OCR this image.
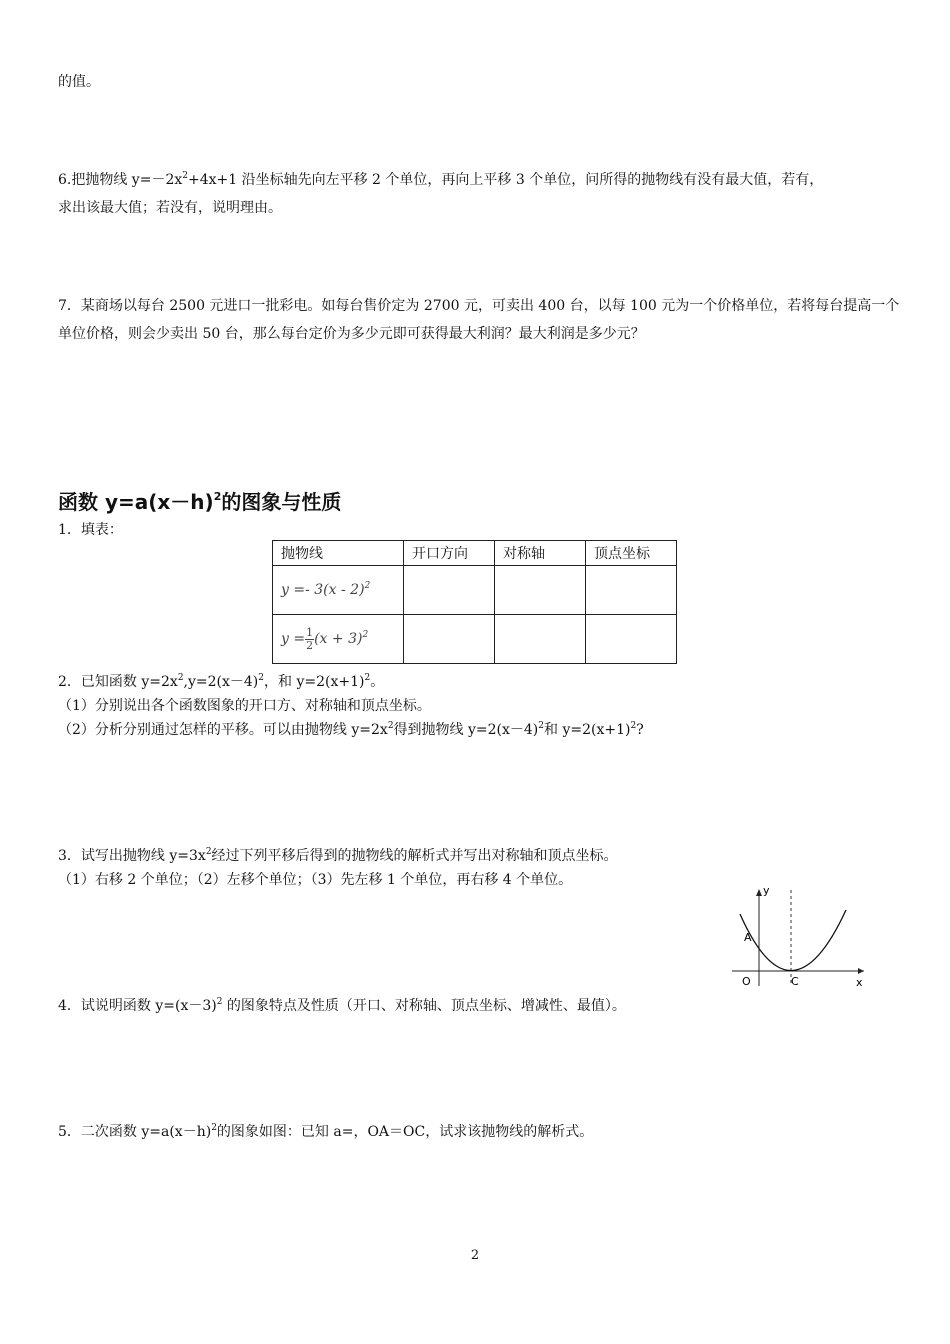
的值。
6.把抛物线 $y=-2x^2+4x+1$ 沿坐标轴先向左平移 2 个单位，再向上平移 3 个单位，问所得的抛物线有没有最大值，若有，
求出该最大值；若没有，说明理由。
7．某商场以每台 2500 元进口一批彩电。如每台售价定为 2700 元，可卖出 400 台，以每 100 元为一个价格单位，若将每台提高一个单位价格，则会少卖出 50 台，那么每台定价为多少元即可获得最大利润？最大利润是多少元？
函数 $y=a(x-h)^2$的图象与性质
1．填表：
抛物线	开口方向	对称轴	顶点坐标
y =- 3(x - 2)$^2$			
$y = \frac{1}{2} (x + 3)^2$			
2．已知函数 $y=2x^2,y=2(x-4)^2$，和 $y=2(x+1)^2$。
（1）分别说出各个函数图象的开口方、对称轴和顶点坐标。
（2）分析分别通过怎样的平移。可以由抛物线 $y=2x^2$得到抛物线 $y=2(x-4)^2$和 $y=2(x+1)^2$?
3．试写出抛物线 $y=3x^2$经过下列平移后得到的抛物线的解析式并写出对称轴和顶点坐标。
（1）右移 2 个单位；（2）左移个单位；（3）先左移 1 个单位，再右移 4 个单位。
y
x
O
A
C
4．试说明函数 $y=(x-3)^2$ 的图象特点及性质（开口、对称轴、顶点坐标、增减性、最值）。
5．二次函数 $y=a(x-h)^2$的图象如图：已知 a=，OA＝OC，试求该抛物线的解析式。
2
